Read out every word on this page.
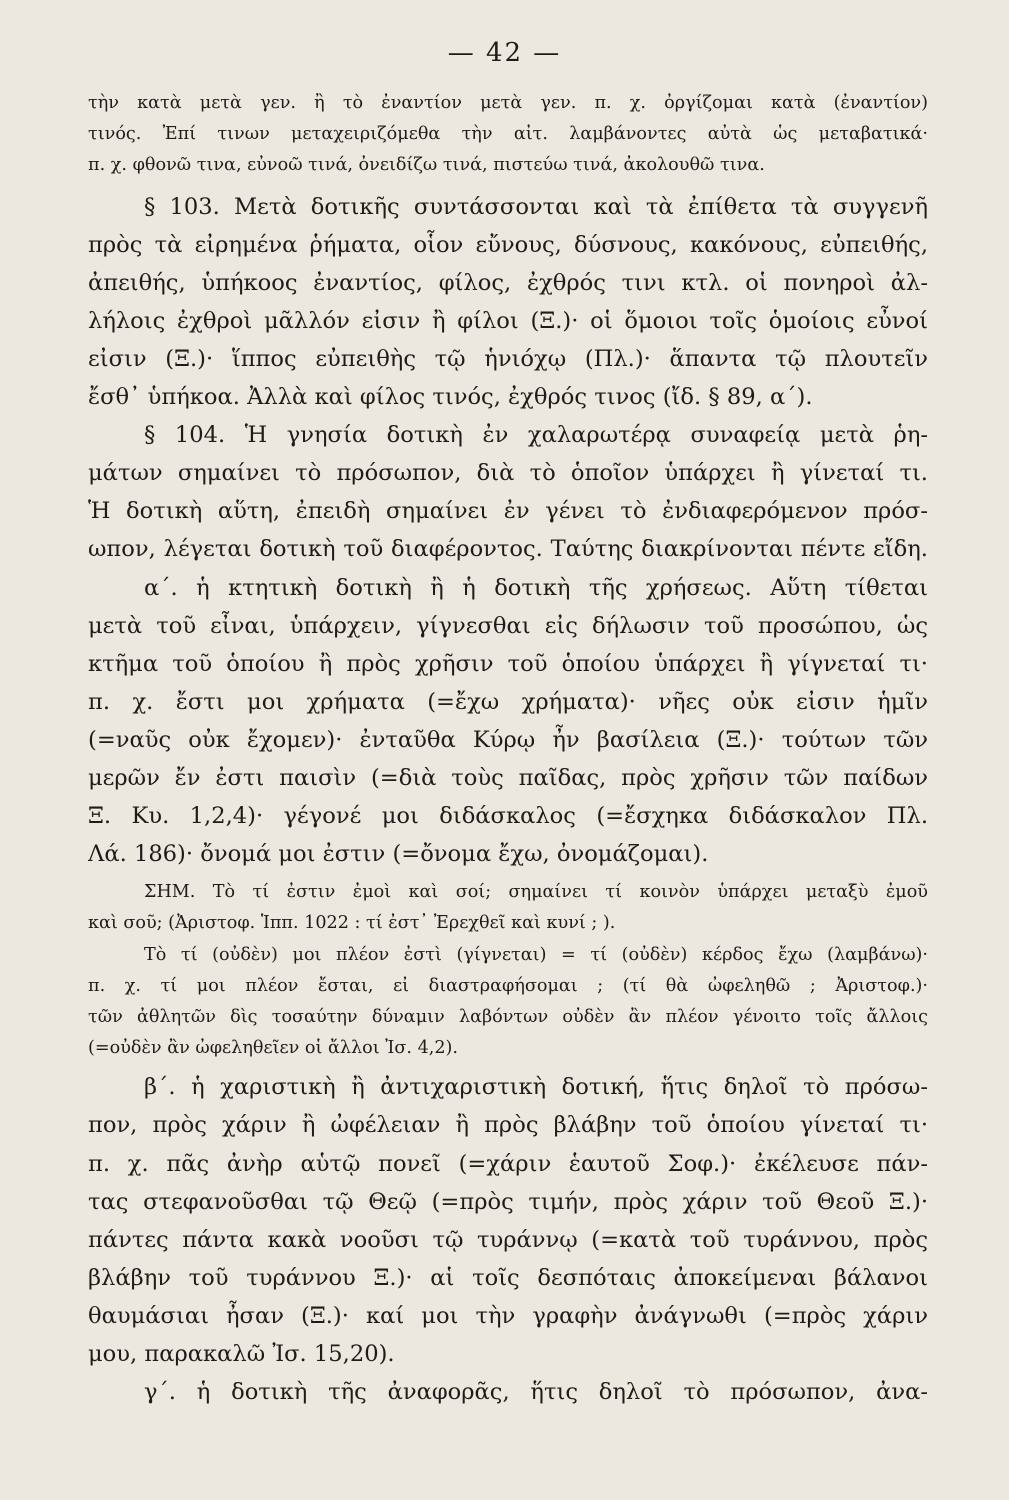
— 42 —
τὴν κατὰ μετὰ γεν. ἢ τὸ ἐναντίον μετὰ γεν. π. χ. ὀργίζομαι κατὰ (ἐναντίον)
τινός. Ἐπί τινων μεταχειριζόμεθα τὴν αἰτ. λαμβάνοντες αὐτὰ ὡς μεταβατικά·
π. χ. φθονῶ τινα, εὐνοῶ τινά, ὀνειδίζω τινά, πιστεύω τινά, ἀκολουθῶ τινα.
§ 103. Μετὰ δοτικῆς συντάσσονται καὶ τὰ ἐπίθετα τὰ συγγενῆ
πρὸς τὰ εἰρημένα ῥήματα, οἷον εὔνους, δύσνους, κακόνους, εὐπειθής,
ἀπειθής, ὑπήκοος ἐναντίος, φίλος, ἐχθρός τινι κτλ. οἱ πονηροὶ ἀλ-
λήλοις ἐχθροὶ μᾶλλόν εἰσιν ἢ φίλοι (Ξ.)· οἱ ὅμοιοι τοῖς ὁμοίοις εὖνοί
εἰσιν (Ξ.)· ἵππος εὐπειθὴς τῷ ἡνιόχῳ (Πλ.)· ἅπαντα τῷ πλουτεῖν
ἔσθ᾽ ὑπήκοα. Ἀλλὰ καὶ φίλος τινός, ἐχθρός τινος (ἴδ. § 89, α΄).
§ 104. Ἡ γνησία δοτικὴ ἐν χαλαρωτέρᾳ συναφείᾳ μετὰ ῥη-
μάτων σημαίνει τὸ πρόσωπον, διὰ τὸ ὁποῖον ὑπάρχει ἢ γίνεταί τι.
Ἡ δοτικὴ αὕτη, ἐπειδὴ σημαίνει ἐν γένει τὸ ἐνδιαφερόμενον πρόσ-
ωπον, λέγεται δοτικὴ τοῦ διαφέροντος. Ταύτης διακρίνονται πέντε εἴδη.
α΄. ἡ κτητικὴ δοτικὴ ἢ ἡ δοτικὴ τῆς χρήσεως. Αὕτη τίθεται
μετὰ τοῦ εἶναι, ὑπάρχειν, γίγνεσθαι εἰς δήλωσιν τοῦ προσώπου, ὡς
κτῆμα τοῦ ὁποίου ἢ πρὸς χρῆσιν τοῦ ὁποίου ὑπάρχει ἢ γίγνεταί τι·
π. χ. ἔστι μοι χρήματα (=ἔχω χρήματα)· νῆες οὐκ εἰσιν ἡμῖν
(=ναῦς οὐκ ἔχομεν)· ἐνταῦθα Κύρῳ ἦν βασίλεια (Ξ.)· τούτων τῶν
μερῶν ἔν ἐστι παισὶν (=διὰ τοὺς παῖδας, πρὸς χρῆσιν τῶν παίδων
Ξ. Κυ. 1,2,4)· γέγονέ μοι διδάσκαλος (=ἔσχηκα διδάσκαλον Πλ.
Λά. 186)· ὄνομά μοι ἐστιν (=ὄνομα ἔχω, ὀνομάζομαι).
ΣΗΜ. Τὸ τί ἐστιν ἐμοὶ καὶ σοί; σημαίνει τί κοινὸν ὑπάρχει μεταξὺ ἐμοῦ
καὶ σοῦ; (Ἀριστοφ. Ἱππ. 1022 : τί ἐστ᾽ Ἐρεχθεῖ καὶ κυνί ; ).
Τὸ τί (οὐδὲν) μοι πλέον ἐστὶ (γίγνεται) = τί (οὐδὲν) κέρδος ἔχω (λαμβάνω)·
π. χ. τί μοι πλέον ἔσται, εἰ διαστραφήσομαι ; (τί θὰ ὠφεληθῶ ; Ἀριστοφ.)·
τῶν ἀθλητῶν δὶς τοσαύτην δύναμιν λαβόντων οὐδὲν ἂν πλέον γένοιτο τοῖς ἄλλοις
(=οὐδὲν ἂν ὠφεληθεῖεν οἱ ἄλλοι Ἰσ. 4,2).
β΄. ἡ χαριστικὴ ἢ ἀντιχαριστικὴ δοτική, ἥτις δηλοῖ τὸ πρόσω-
πον, πρὸς χάριν ἢ ὠφέλειαν ἢ πρὸς βλάβην τοῦ ὁποίου γίνεταί τι·
π. χ. πᾶς ἀνὴρ αὑτῷ πονεῖ (=χάριν ἑαυτοῦ Σοφ.)· ἐκέλευσε πάν-
τας στεφανοῦσθαι τῷ Θεῷ (=πρὸς τιμήν, πρὸς χάριν τοῦ Θεοῦ Ξ.)·
πάντες πάντα κακὰ νοοῦσι τῷ τυράννῳ (=κατὰ τοῦ τυράννου, πρὸς
βλάβην τοῦ τυράννου Ξ.)· αἱ τοῖς δεσπόταις ἀποκείμεναι βάλανοι
θαυμάσιαι ἦσαν (Ξ.)· καί μοι τὴν γραφὴν ἀνάγνωθι (=πρὸς χάριν
μου, παρακαλῶ Ἰσ. 15,20).
γ΄. ἡ δοτικὴ τῆς ἀναφορᾶς, ἥτις δηλοῖ τὸ πρόσωπον, ἀνα-
